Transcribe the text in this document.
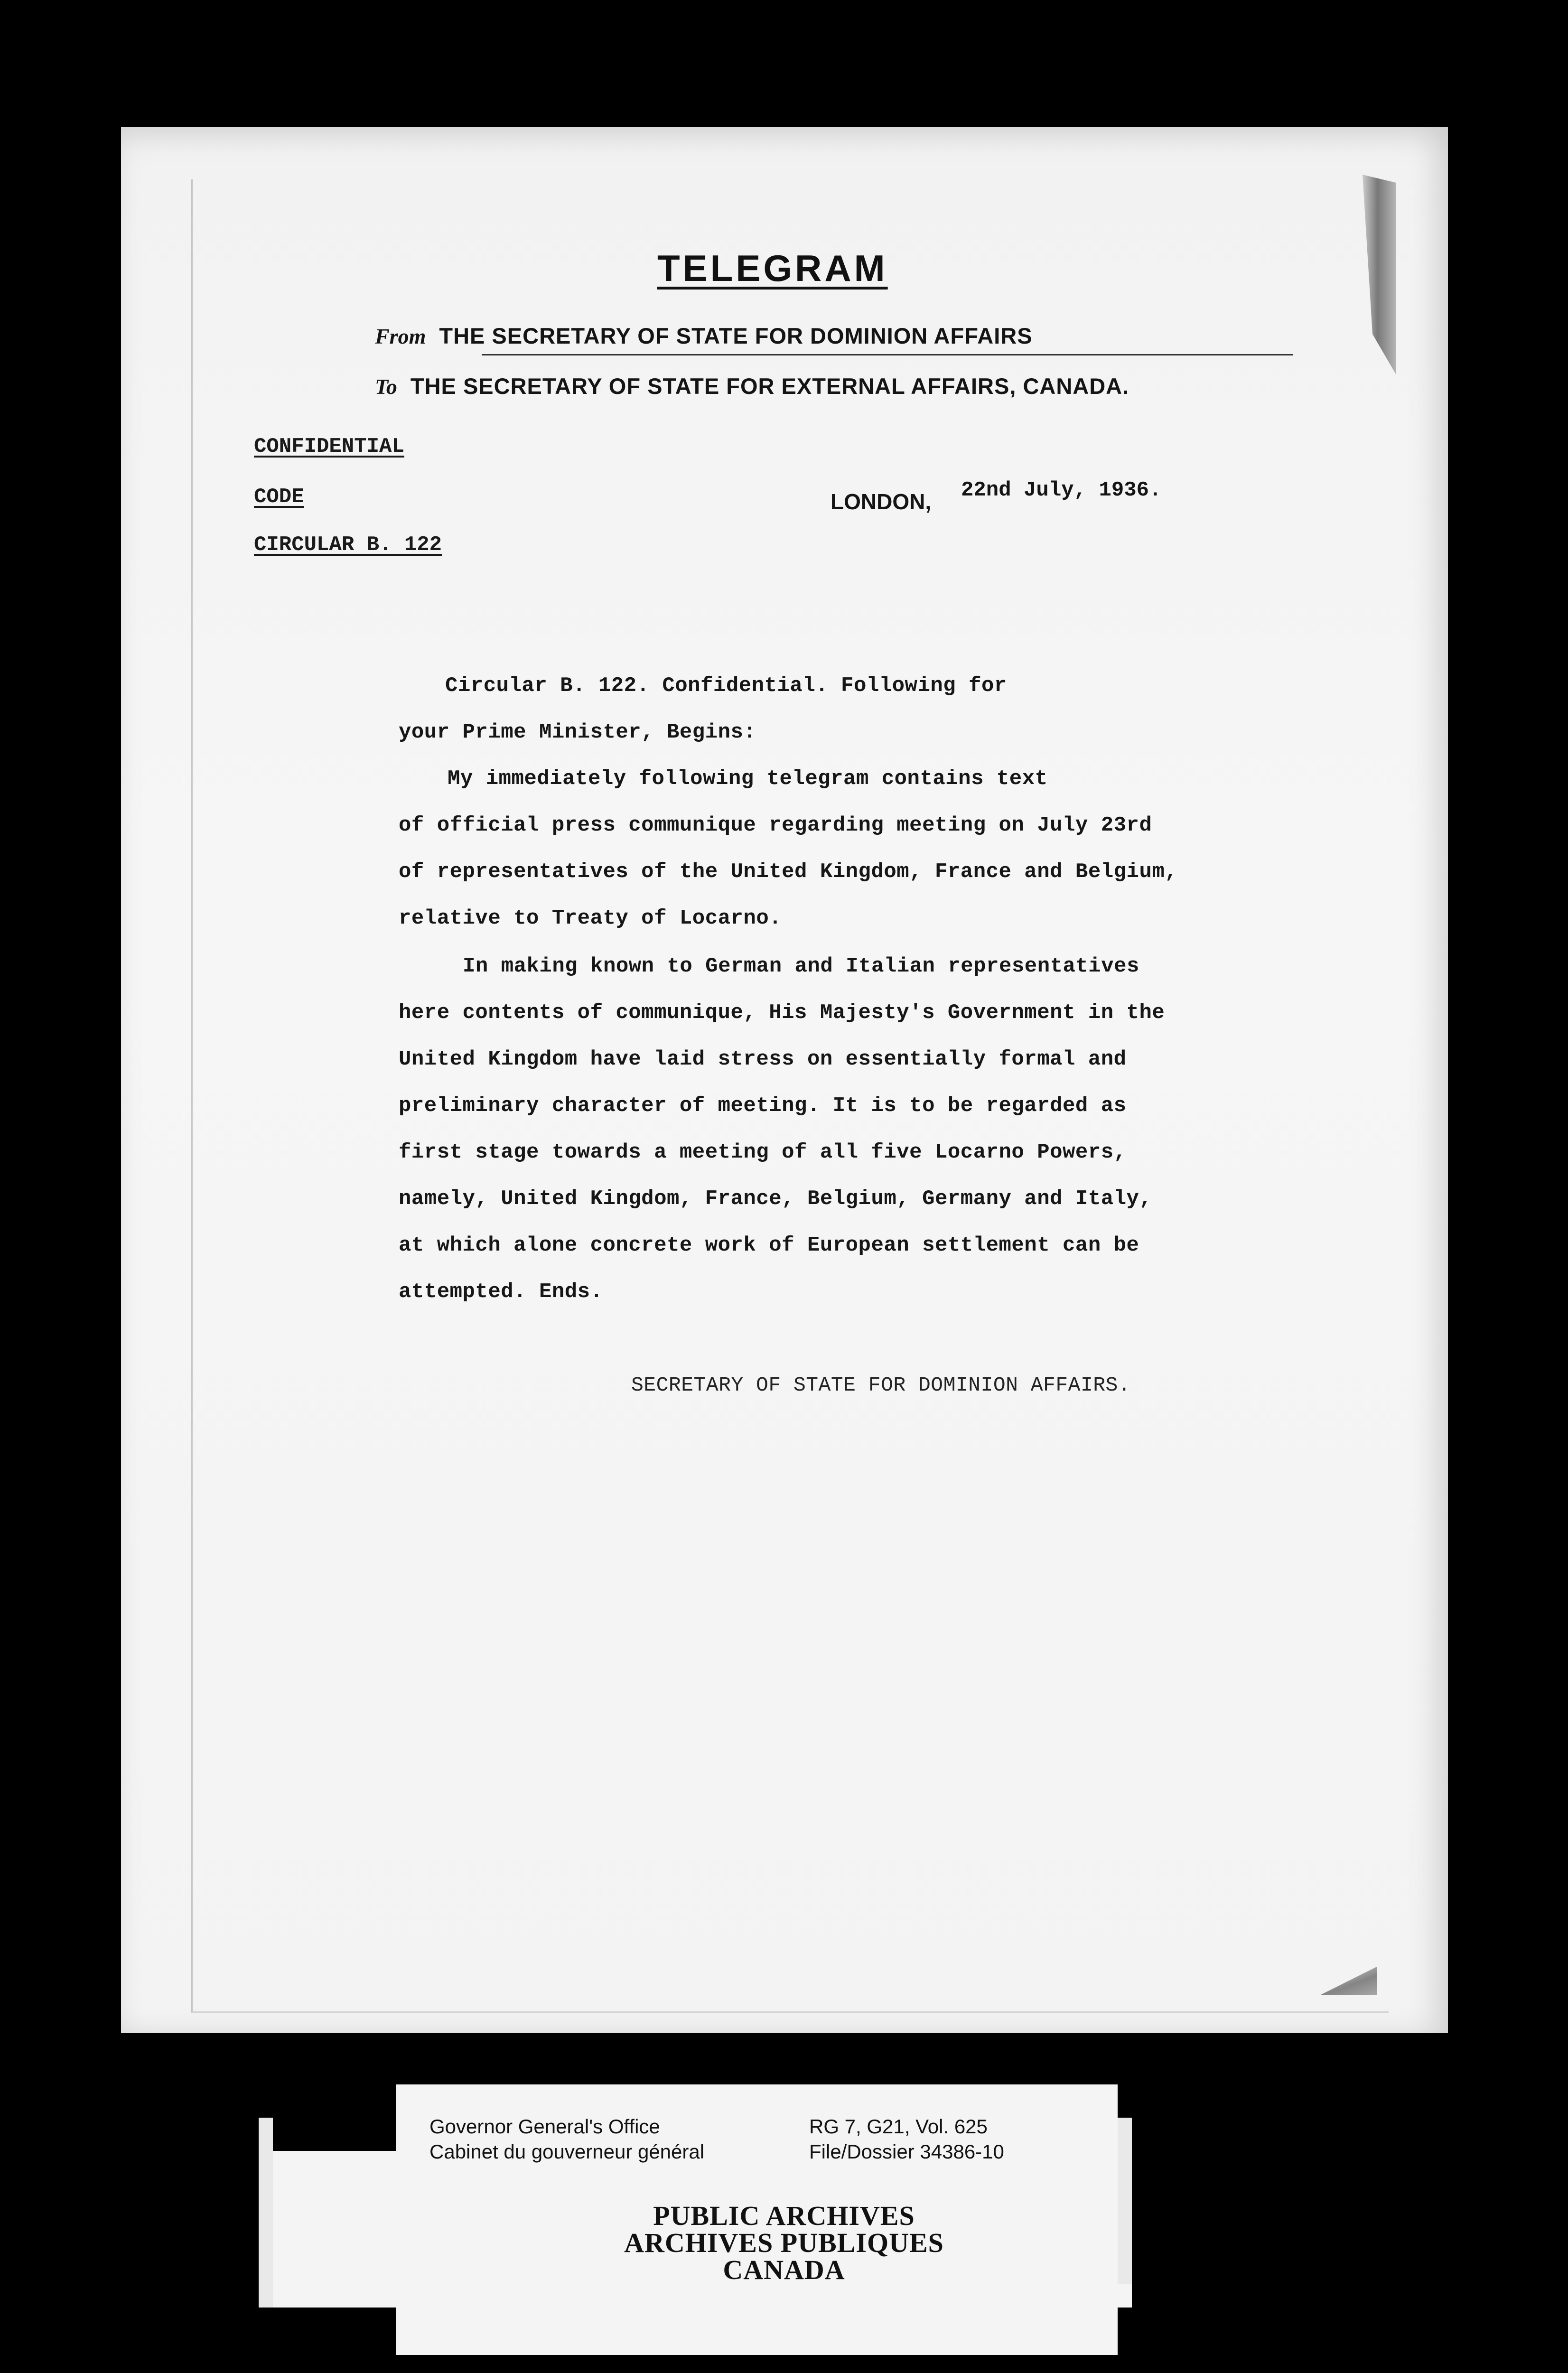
TELEGRAM
From THE SECRETARY OF STATE FOR DOMINION AFFAIRS
To THE SECRETARY OF STATE FOR EXTERNAL AFFAIRS, CANADA.
CONFIDENTIAL
CODE
CIRCULAR B. 122
LONDON, 22nd July, 1936.
Circular B. 122. Confidential. Following for
your Prime Minister, Begins:
My immediately following telegram contains text
of official press communique regarding meeting on July 23rd
of representatives of the United Kingdom, France and Belgium,
relative to Treaty of Locarno.
In making known to German and Italian representatives
here contents of communique, His Majesty's Government in the
United Kingdom have laid stress on essentially formal and
preliminary character of meeting. It is to be regarded as
first stage towards a meeting of all five Locarno Powers,
namely, United Kingdom, France, Belgium, Germany and Italy,
at which alone concrete work of European settlement can be
attempted. Ends.
SECRETARY OF STATE FOR DOMINION AFFAIRS.
Governor General's Office
Cabinet du gouverneur général
RG 7, G21, Vol. 625
File/Dossier 34386-10
PUBLIC ARCHIVES
ARCHIVES PUBLIQUES
CANADA
